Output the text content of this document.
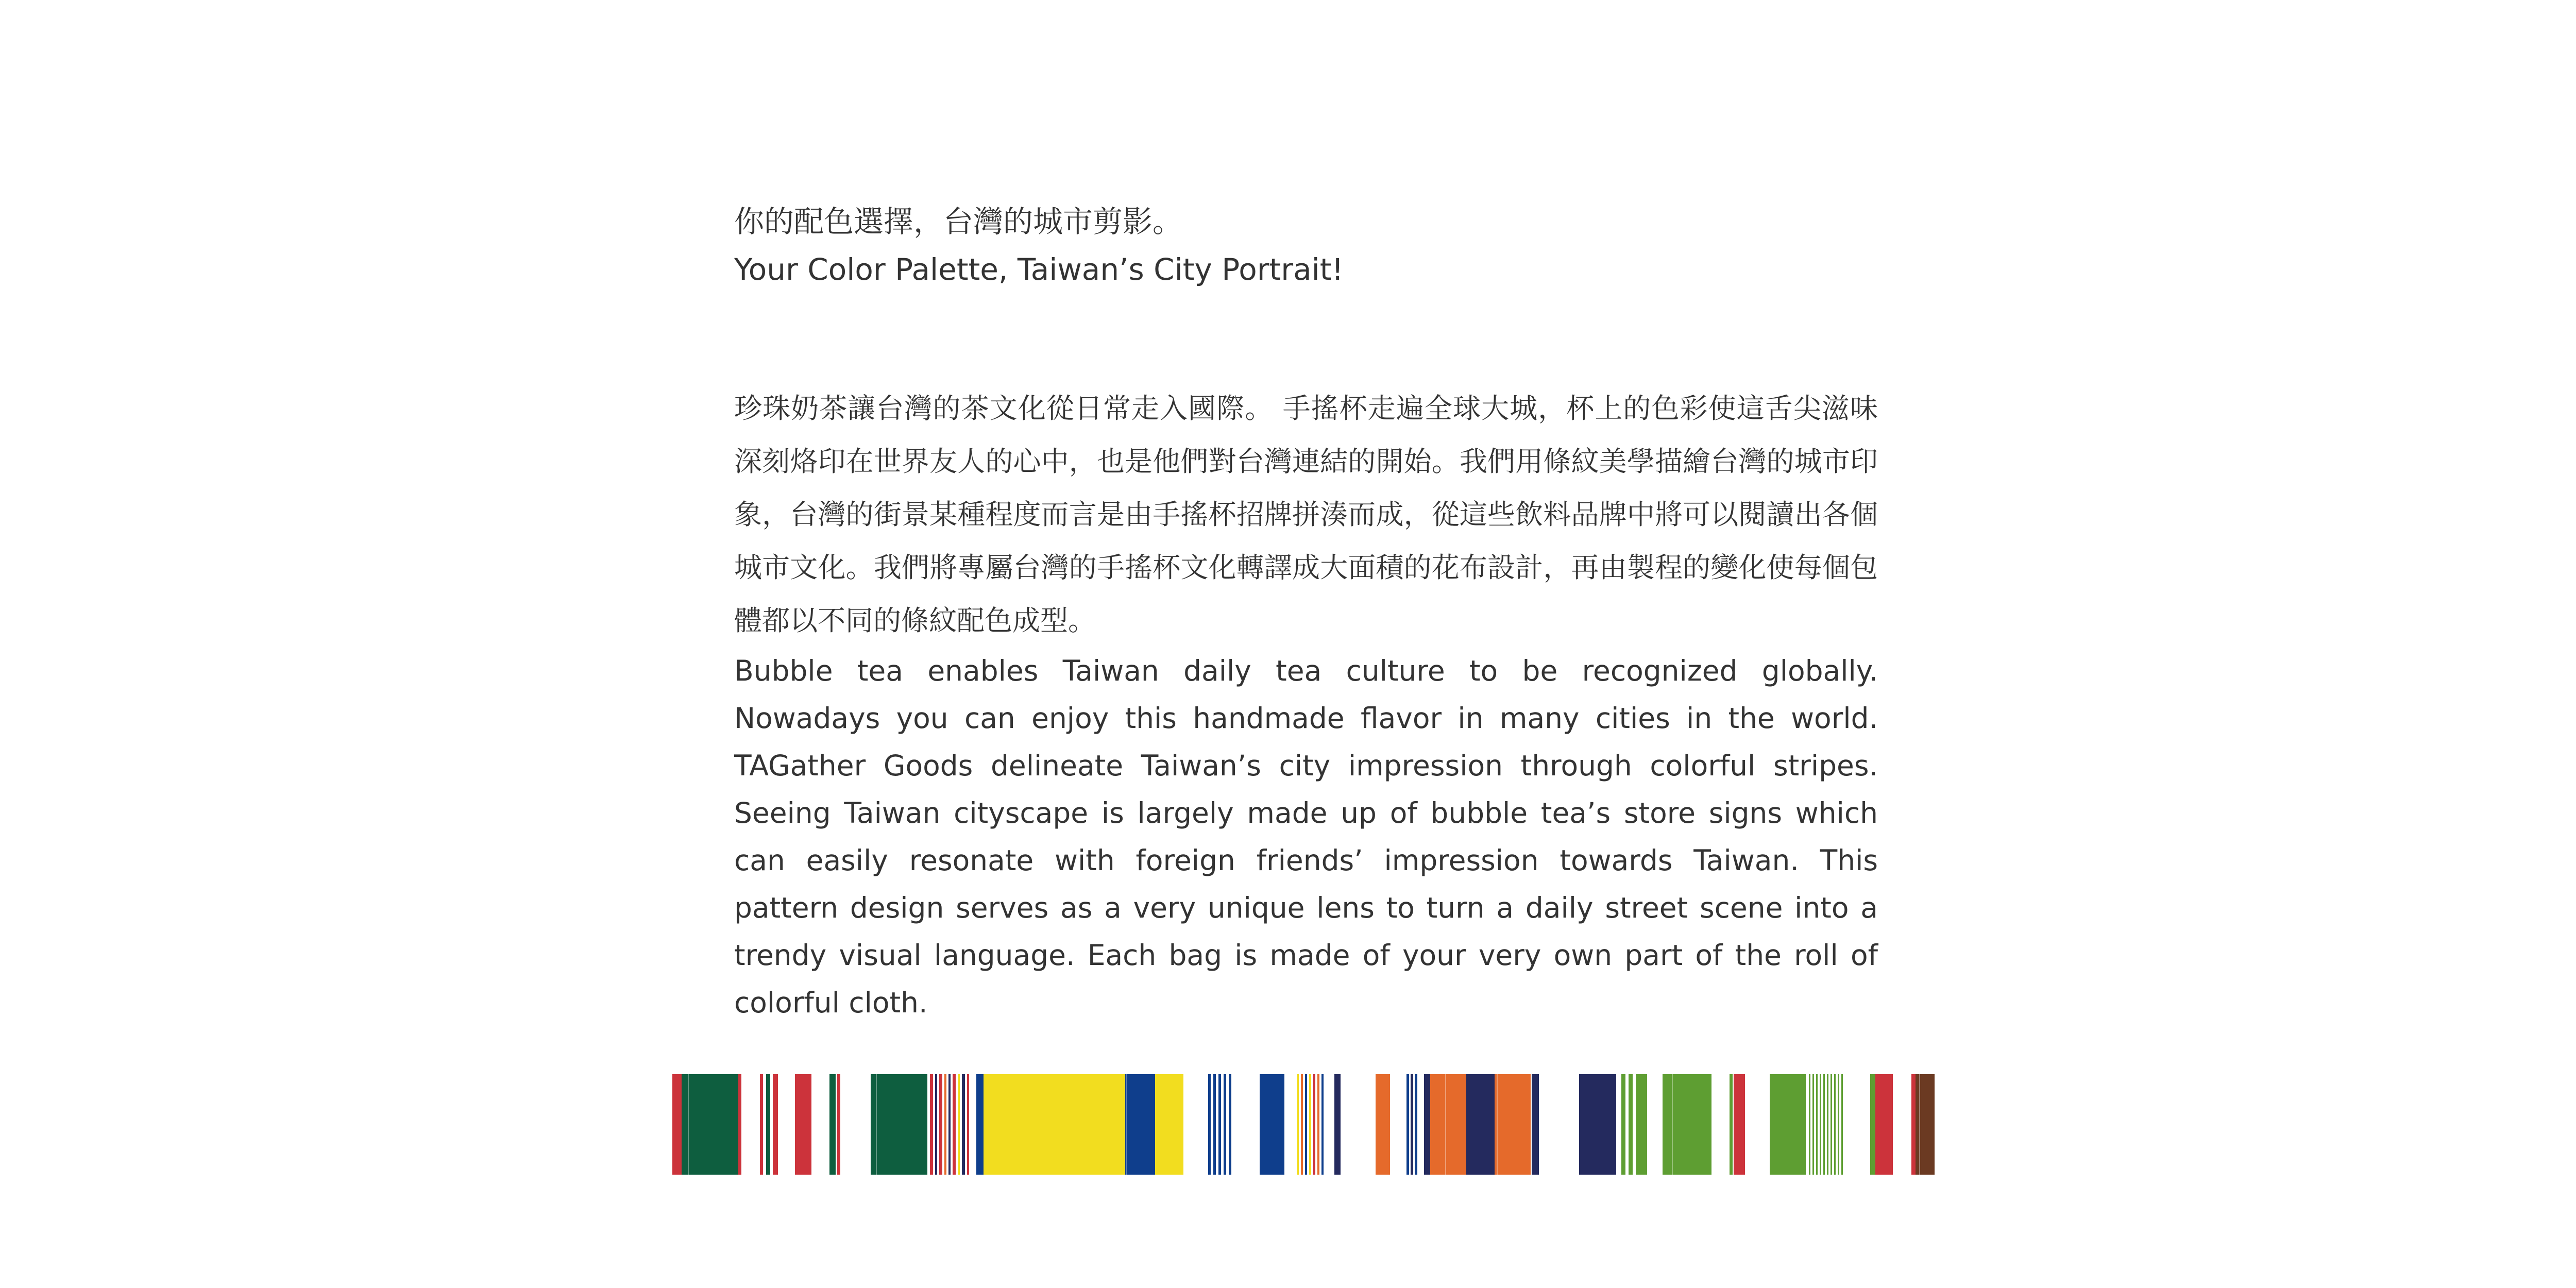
你的配色選擇，台灣的城市剪影。
Your Color Palette, Taiwan’s City Portrait!

珍珠奶茶讓台灣的茶文化從日常走入國際。 手搖杯走遍全球大城，杯上的色彩使這舌尖滋味深刻烙印在世界友人的心中，也是他們對台灣連結的開始。我們用條紋美學描繪台灣的城市印象，台灣的街景某種程度而言是由手搖杯招牌拼湊而成，從這些飲料品牌中將可以閱讀出各個城市文化。我們將專屬台灣的手搖杯文化轉譯成大面積的花布設計，再由製程的變化使每個包體都以不同的條紋配色成型。

Bubble tea enables Taiwan daily tea culture to be recognized globally. Nowadays you can enjoy this handmade flavor in many cities in the world. TAGather Goods delineate Taiwan’s city impression through colorful stripes. Seeing Taiwan cityscape is largely made up of bubble tea’s store signs which can easily resonate with foreign friends’ impression towards Taiwan. This pattern design serves as a very unique lens to turn a daily street scene into a trendy visual language. Each bag is made of your very own part of the roll of colorful cloth.
